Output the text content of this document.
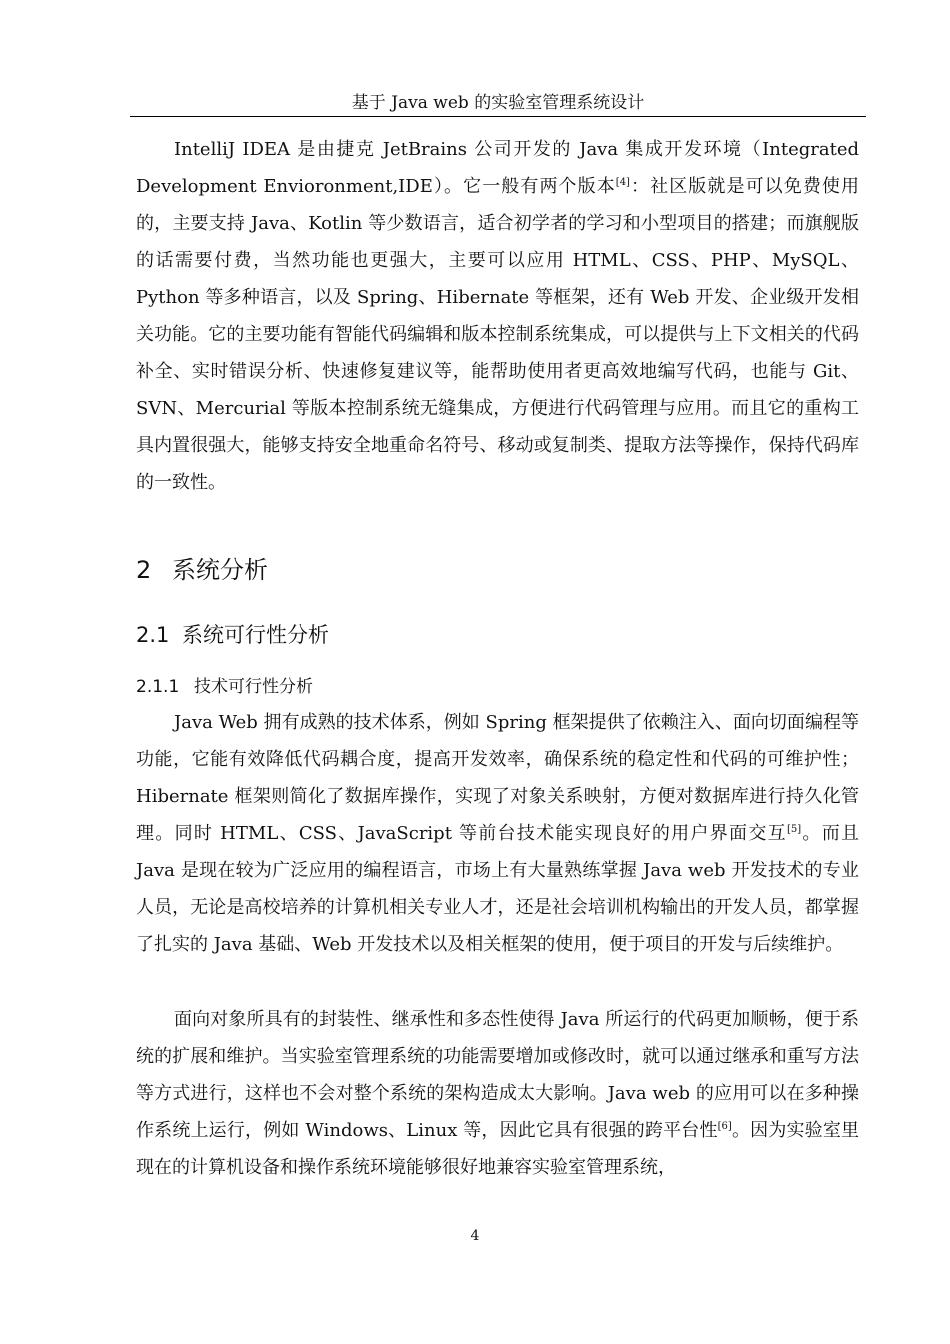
基于 Java web 的实验室管理系统设计

IntelliJ IDEA 是由捷克 JetBrains 公司开发的 Java 集成开发环境（Integrated Development Envioronment,IDE）。它一般有两个版本[4]：社区版就是可以免费使用的，主要支持 Java、Kotlin 等少数语言，适合初学者的学习和小型项目的搭建；而旗舰版的话需要付费，当然功能也更强大，主要可以应用 HTML、CSS、PHP、MySQL、Python 等多种语言，以及 Spring、Hibernate 等框架，还有 Web 开发、企业级开发相关功能。它的主要功能有智能代码编辑和版本控制系统集成，可以提供与上下文相关的代码补全、实时错误分析、快速修复建议等，能帮助使用者更高效地编写代码，也能与 Git、SVN、Mercurial 等版本控制系统无缝集成，方便进行代码管理与应用。而且它的重构工具内置很强大，能够支持安全地重命名符号、移动或复制类、提取方法等操作，保持代码库的一致性。

2 系统分析
2.1 系统可行性分析
2.1.1 技术可行性分析

Java Web 拥有成熟的技术体系，例如 Spring 框架提供了依赖注入、面向切面编程等功能，它能有效降低代码耦合度，提高开发效率，确保系统的稳定性和代码的可维护性；Hibernate 框架则简化了数据库操作，实现了对象关系映射，方便对数据库进行持久化管理。同时 HTML、CSS、JavaScript 等前台技术能实现良好的用户界面交互[5]。而且 Java 是现在较为广泛应用的编程语言，市场上有大量熟练掌握 Java web 开发技术的专业人员，无论是高校培养的计算机相关专业人才，还是社会培训机构输出的开发人员，都掌握了扎实的 Java 基础、Web 开发技术以及相关框架的使用，便于项目的开发与后续维护。

面向对象所具有的封装性、继承性和多态性使得 Java 所运行的代码更加顺畅，便于系统的扩展和维护。当实验室管理系统的功能需要增加或修改时，就可以通过继承和重写方法等方式进行，这样也不会对整个系统的架构造成太大影响。Java web 的应用可以在多种操作系统上运行，例如 Windows、Linux 等，因此它具有很强的跨平台性[6]。因为实验室里现在的计算机设备和操作系统环境能够很好地兼容实验室管理系统，

4
